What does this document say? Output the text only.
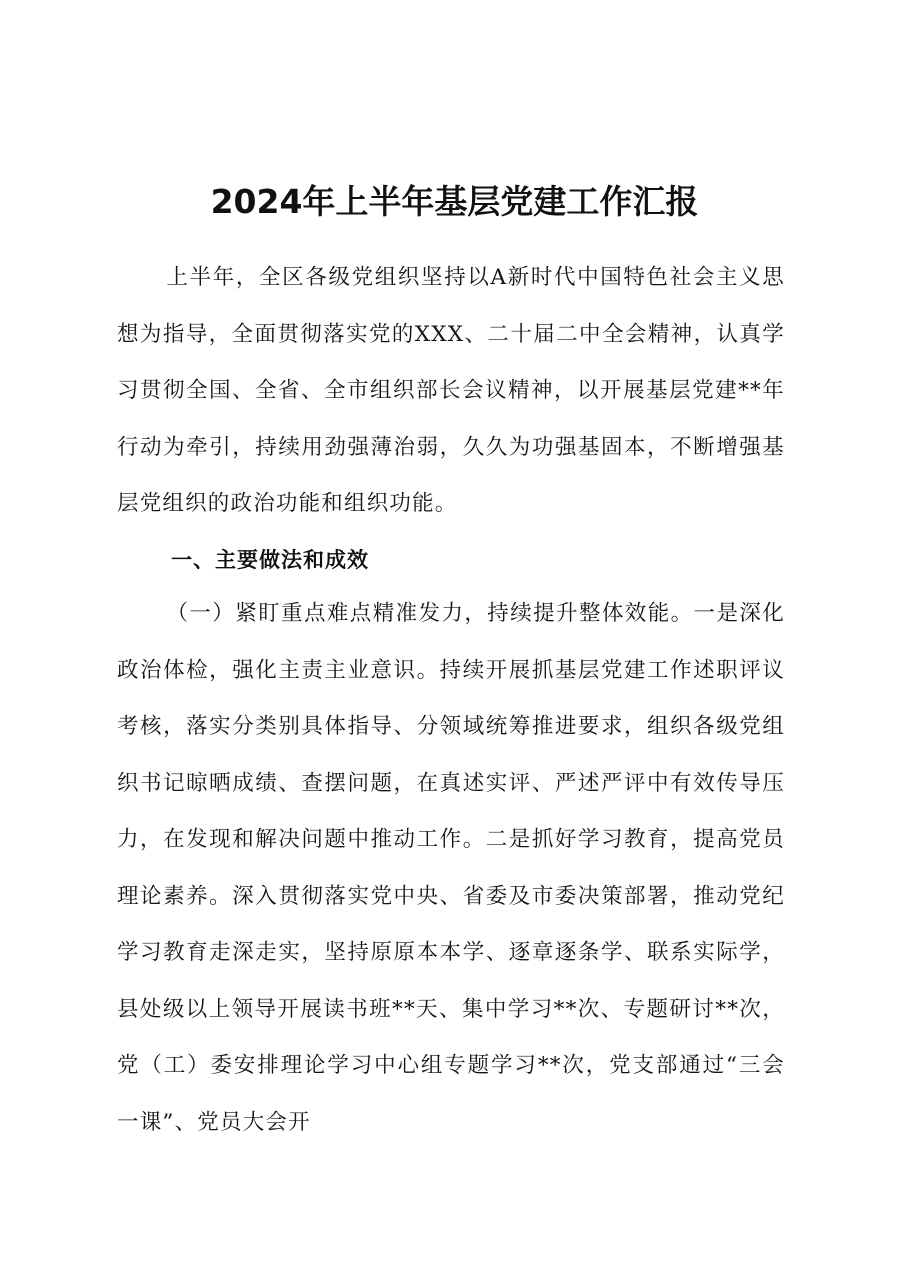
2024年上半年基层党建工作汇报

上半年，全区各级党组织坚持以A新时代中国特色社会主义思想为指导，全面贯彻落实党的XXX、二十届二中全会精神，认真学习贯彻全国、全省、全市组织部长会议精神，以开展基层党建**年行动为牵引，持续用劲强薄治弱，久久为功强基固本，不断增强基层党组织的政治功能和组织功能。

一、主要做法和成效

（一）紧盯重点难点精准发力，持续提升整体效能。一是深化政治体检，强化主责主业意识。持续开展抓基层党建工作述职评议考核，落实分类别具体指导、分领域统筹推进要求，组织各级党组织书记晾晒成绩、查摆问题，在真述实评、严述严评中有效传导压力，在发现和解决问题中推动工作。二是抓好学习教育，提高党员理论素养。深入贯彻落实党中央、省委及市委决策部署，推动党纪学习教育走深走实，坚持原原本本学、逐章逐条学、联系实际学，县处级以上领导开展读书班**天、集中学习**次、专题研讨**次，党（工）委安排理论学习中心组专题学习**次，党支部通过“三会一课”、党员大会开
